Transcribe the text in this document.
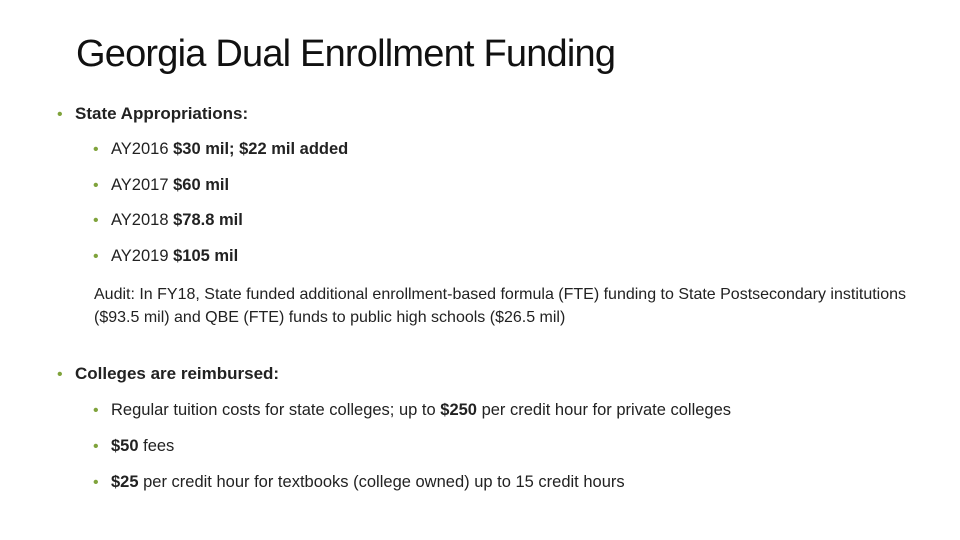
Georgia Dual Enrollment Funding
• State Appropriations:
• AY2016 $30 mil; $22 mil added
• AY2017 $60 mil
• AY2018 $78.8 mil
• AY2019 $105 mil
Audit: In FY18, State funded additional enrollment-based formula (FTE) funding to State Postsecondary institutions ($93.5 mil) and QBE (FTE) funds to public high schools ($26.5 mil)
• Colleges are reimbursed:
• Regular tuition costs for state colleges; up to $250 per credit hour for private colleges
• $50 fees
• $25 per credit hour for textbooks (college owned) up to 15 credit hours
